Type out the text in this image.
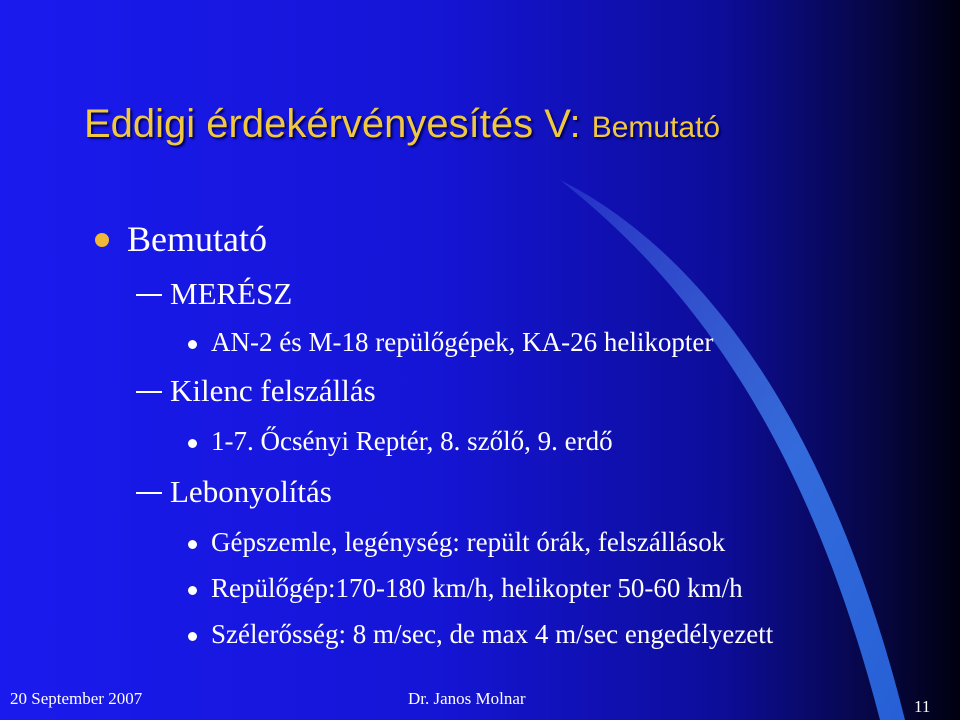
Eddigi érdekérvényesítés V: Bemutató
Bemutató
MERÉSZ
AN-2 és M-18 repülőgépek, KA-26 helikopter
Kilenc felszállás
1-7. Őcsényi Reptér, 8. szőlő, 9. erdő
Lebonyolítás
Gépszemle, legénység: repült órák, felszállások
Repülőgép:170-180 km/h, helikopter 50-60 km/h
Szélerősség: 8 m/sec, de max 4 m/sec engedélyezett
20 September 2007	Dr. Janos Molnar	11
